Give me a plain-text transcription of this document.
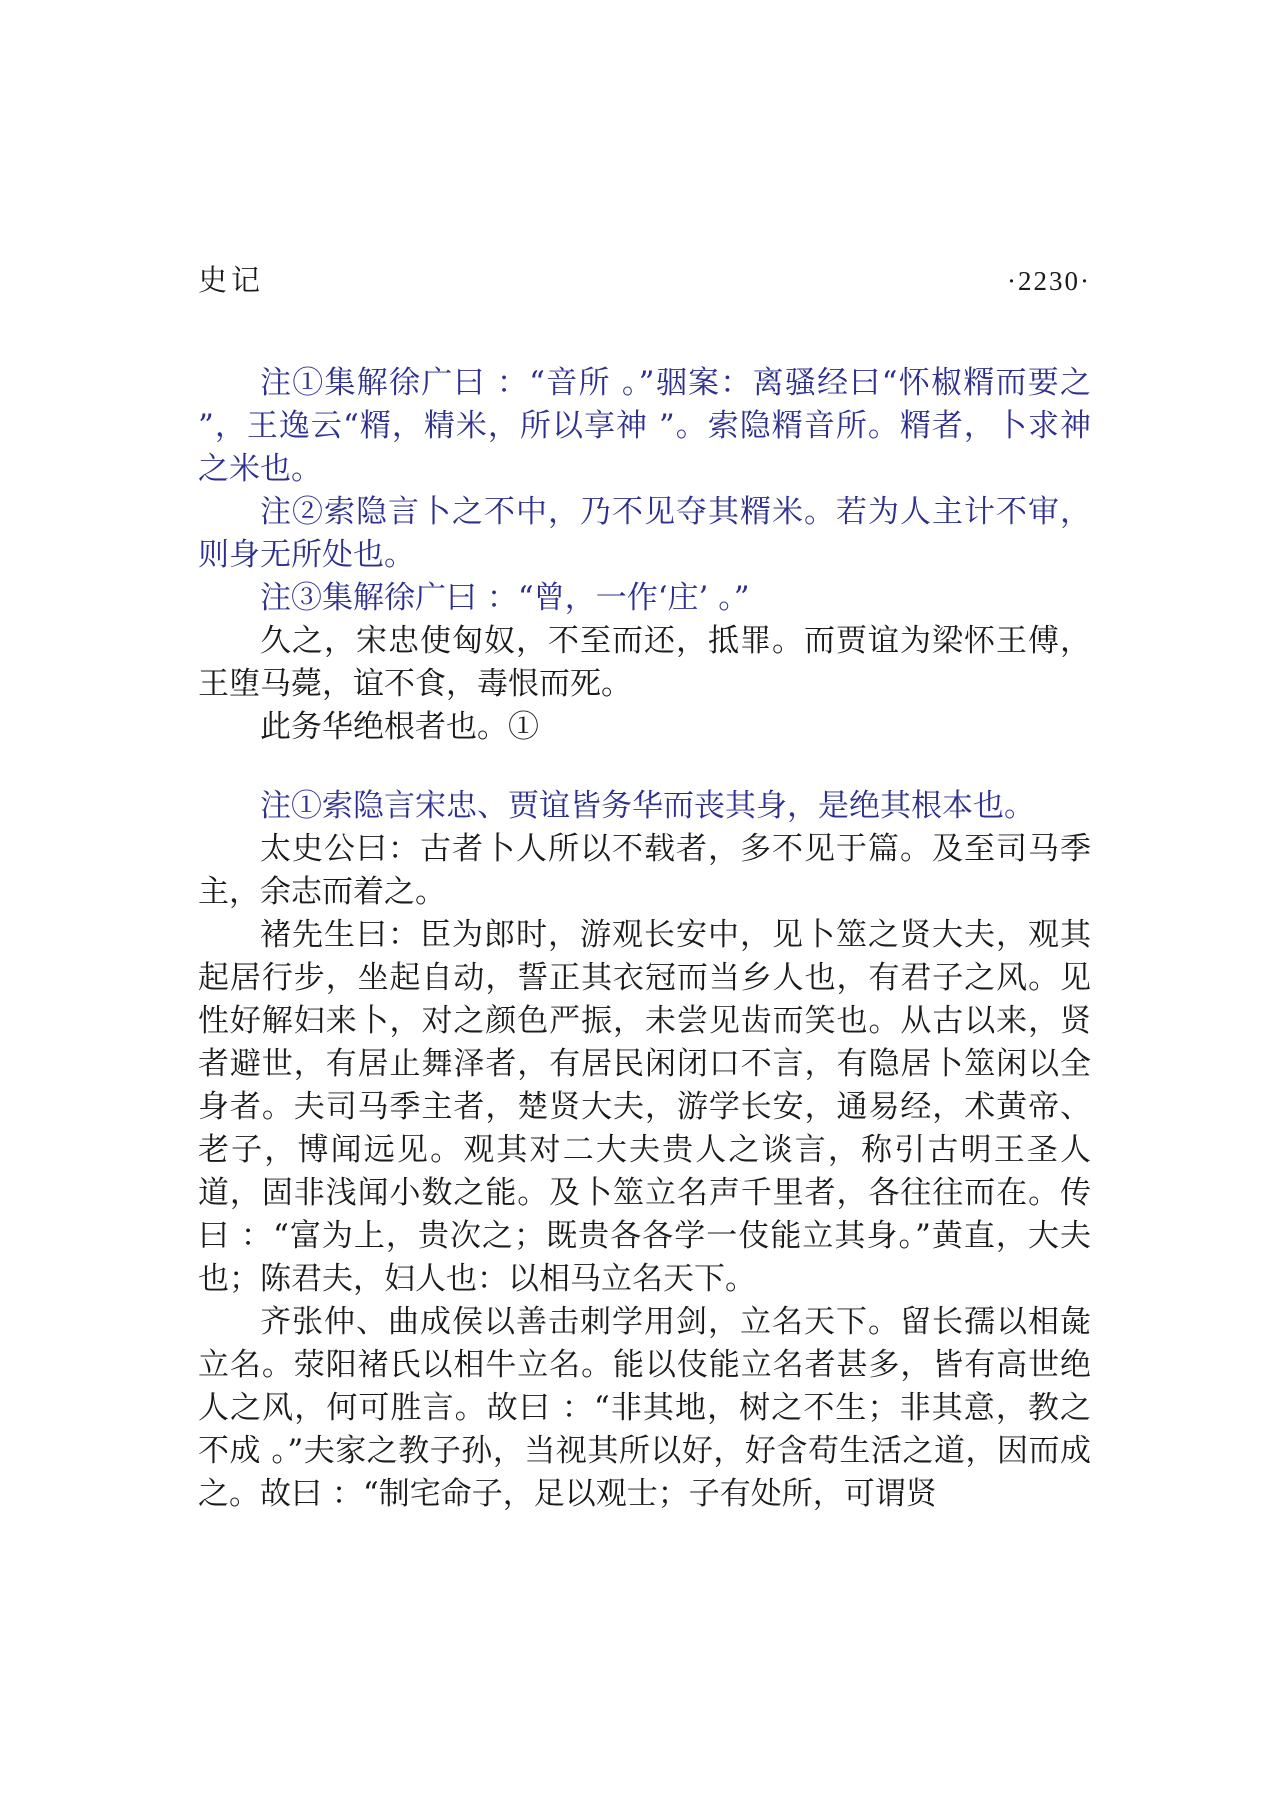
史记	·2230·

注①集解徐广曰 ：“音所 。”骃案：离骚经曰“怀椒糈而要之 ”，王逸云“糈，精米，所以享神 ”。索隐糈音所。糈者，卜求神之米也。

注②索隐言卜之不中，乃不见夺其糈米。若为人主计不审，则身无所处也。

注③集解徐广曰 ：“曾，一作‘庄’ 。”

久之，宋忠使匈奴，不至而还，抵罪。而贾谊为梁怀王傅，王堕马薨，谊不食，毒恨而死。

此务华绝根者也。①

注①索隐言宋忠、贾谊皆务华而丧其身，是绝其根本也。

太史公曰：古者卜人所以不载者，多不见于篇。及至司马季主，余志而着之。

褚先生曰：臣为郎时，游观长安中，见卜筮之贤大夫，观其起居行步，坐起自动，誓正其衣冠而当乡人也，有君子之风。见性好解妇来卜，对之颜色严振，未尝见齿而笑也。从古以来，贤者避世，有居止舞泽者，有居民闲闭口不言，有隐居卜筮闲以全身者。夫司马季主者，楚贤大夫，游学长安，通易经，术黄帝、老子，博闻远见。观其对二大夫贵人之谈言，称引古明王圣人道，固非浅闻小数之能。及卜筮立名声千里者，各往往而在。传曰 ：“富为上，贵次之；既贵各各学一伎能立其身。”黄直，大夫也；陈君夫，妇人也：以相马立名天下。

齐张仲、曲成侯以善击刺学用剑，立名天下。留长孺以相彘立名。荥阳褚氏以相牛立名。能以伎能立名者甚多，皆有高世绝人之风，何可胜言。故曰 ：“非其地，树之不生；非其意，教之不成 。”夫家之教子孙，当视其所以好，好含苟生活之道，因而成之。故曰 ：“制宅命子，足以观士；子有处所，可谓贤
